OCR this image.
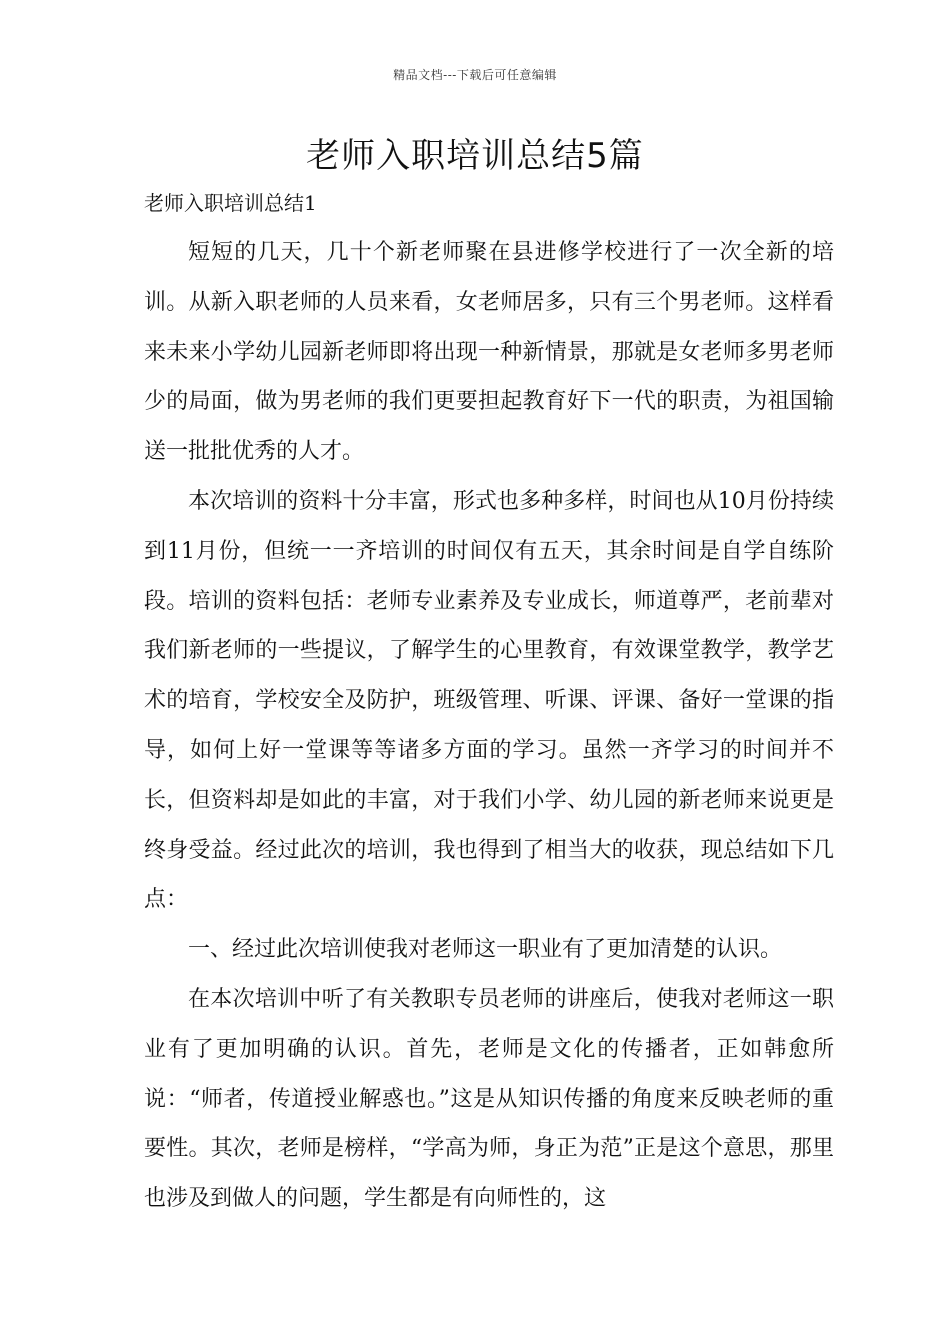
精品文档---下载后可任意编辑
老师入职培训总结5篇
老师入职培训总结1

短短的几天，几十个新老师聚在县进修学校进行了一次全新的培训。从新入职老师的人员来看，女老师居多，只有三个男老师。这样看来未来小学幼儿园新老师即将出现一种新情景，那就是女老师多男老师少的局面，做为男老师的我们更要担起教育好下一代的职责，为祖国输送一批批优秀的人才。

本次培训的资料十分丰富，形式也多种多样，时间也从10月份持续到11月份，但统一一齐培训的时间仅有五天，其余时间是自学自练阶段。培训的资料包括：老师专业素养及专业成长，师道尊严，老前辈对我们新老师的一些提议，了解学生的心里教育，有效课堂教学，教学艺术的培育，学校安全及防护，班级管理、听课、评课、备好一堂课的指导，如何上好一堂课等等诸多方面的学习。虽然一齐学习的时间并不长，但资料却是如此的丰富，对于我们小学、幼儿园的新老师来说更是终身受益。经过此次的培训，我也得到了相当大的收获，现总结如下几点：

一、经过此次培训使我对老师这一职业有了更加清楚的认识。

在本次培训中听了有关教职专员老师的讲座后，使我对老师这一职业有了更加明确的认识。首先，老师是文化的传播者，正如韩愈所说：“师者，传道授业解惑也。”这是从知识传播的角度来反映老师的重要性。其次，老师是榜样，“学高为师，身正为范”正是这个意思，那里也涉及到做人的问题，学生都是有向师性的，这
